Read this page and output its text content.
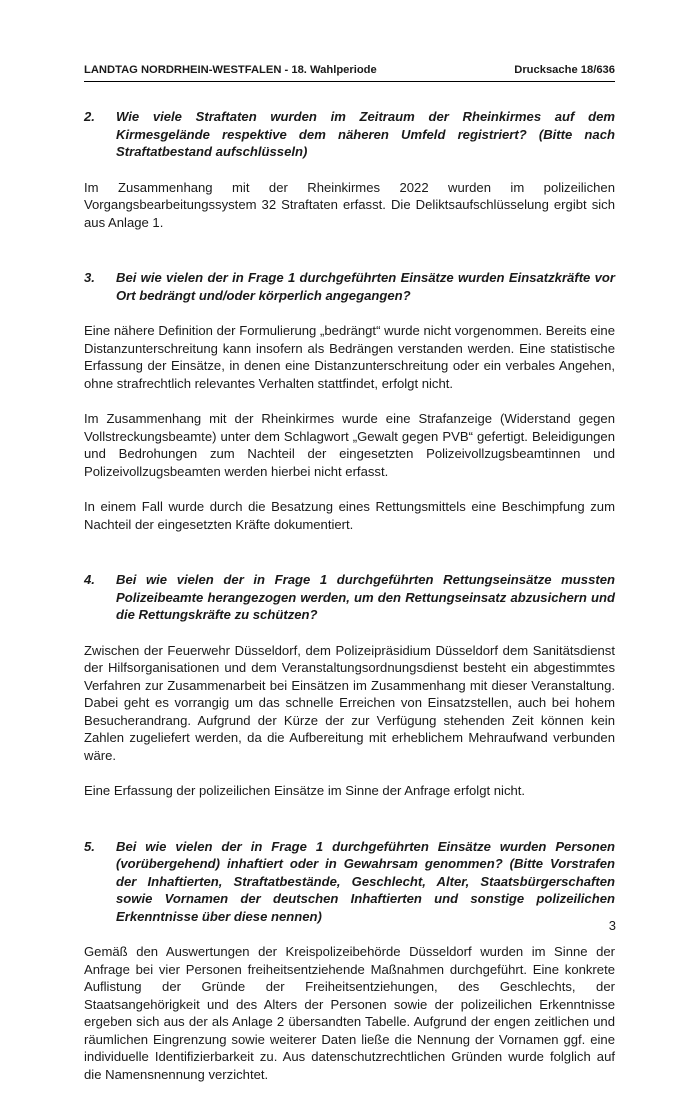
LANDTAG NORDRHEIN-WESTFALEN - 18. Wahlperiode	Drucksache 18/636
2.	Wie viele Straftaten wurden im Zeitraum der Rheinkirmes auf dem Kirmesgelände respektive dem näheren Umfeld registriert? (Bitte nach Straftatbestand aufschlüsseln)

Im Zusammenhang mit der Rheinkirmes 2022 wurden im polizeilichen Vorgangsbearbeitungssystem 32 Straftaten erfasst. Die Deliktsaufschlüsselung ergibt sich aus Anlage 1.

3.	Bei wie vielen der in Frage 1 durchgeführten Einsätze wurden Einsatzkräfte vor Ort bedrängt und/oder körperlich angegangen?

Eine nähere Definition der Formulierung „bedrängt“ wurde nicht vorgenommen. Bereits eine Distanzunterschreitung kann insofern als Bedrängen verstanden werden. Eine statistische Erfassung der Einsätze, in denen eine Distanzunterschreitung oder ein verbales Angehen, ohne strafrechtlich relevantes Verhalten stattfindet, erfolgt nicht.

Im Zusammenhang mit der Rheinkirmes wurde eine Strafanzeige (Widerstand gegen Vollstreckungsbeamte) unter dem Schlagwort „Gewalt gegen PVB“ gefertigt. Beleidigungen und Bedrohungen zum Nachteil der eingesetzten Polizeivollzugsbeamtinnen und Polizeivollzugsbeamten werden hierbei nicht erfasst.

In einem Fall wurde durch die Besatzung eines Rettungsmittels eine Beschimpfung zum Nachteil der eingesetzten Kräfte dokumentiert.

4.	Bei wie vielen der in Frage 1 durchgeführten Rettungseinsätze mussten Polizeibeamte herangezogen werden, um den Rettungseinsatz abzusichern und die Rettungskräfte zu schützen?

Zwischen der Feuerwehr Düsseldorf, dem Polizeipräsidium Düsseldorf dem Sanitätsdienst der Hilfsorganisationen und dem Veranstaltungsordnungsdienst besteht ein abgestimmtes Verfahren zur Zusammenarbeit bei Einsätzen im Zusammenhang mit dieser Veranstaltung. Dabei geht es vorrangig um das schnelle Erreichen von Einsatzstellen, auch bei hohem Besucherandrang. Aufgrund der Kürze der zur Verfügung stehenden Zeit können kein Zahlen zugeliefert werden, da die Aufbereitung mit erheblichem Mehraufwand verbunden wäre.

Eine Erfassung der polizeilichen Einsätze im Sinne der Anfrage erfolgt nicht.

5.	Bei wie vielen der in Frage 1 durchgeführten Einsätze wurden Personen (vorübergehend) inhaftiert oder in Gewahrsam genommen? (Bitte Vorstrafen der Inhaftierten, Straftatbestände, Geschlecht, Alter, Staatsbürgerschaften sowie Vornamen der deutschen Inhaftierten und sonstige polizeilichen Erkenntnisse über diese nennen)

Gemäß den Auswertungen der Kreispolizeibehörde Düsseldorf wurden im Sinne der Anfrage bei vier Personen freiheitsentziehende Maßnahmen durchgeführt. Eine konkrete Auflistung der Gründe der Freiheitsentziehungen, des Geschlechts, der Staatsangehörigkeit und des Alters der Personen sowie der polizeilichen Erkenntnisse ergeben sich aus der als Anlage 2 übersandten Tabelle. Aufgrund der engen zeitlichen und räumlichen Eingrenzung sowie weiterer Daten ließe die Nennung der Vornamen ggf. eine individuelle Identifizierbarkeit zu. Aus datenschutzrechtlichen Gründen wurde folglich auf die Namensnennung verzichtet.

3
